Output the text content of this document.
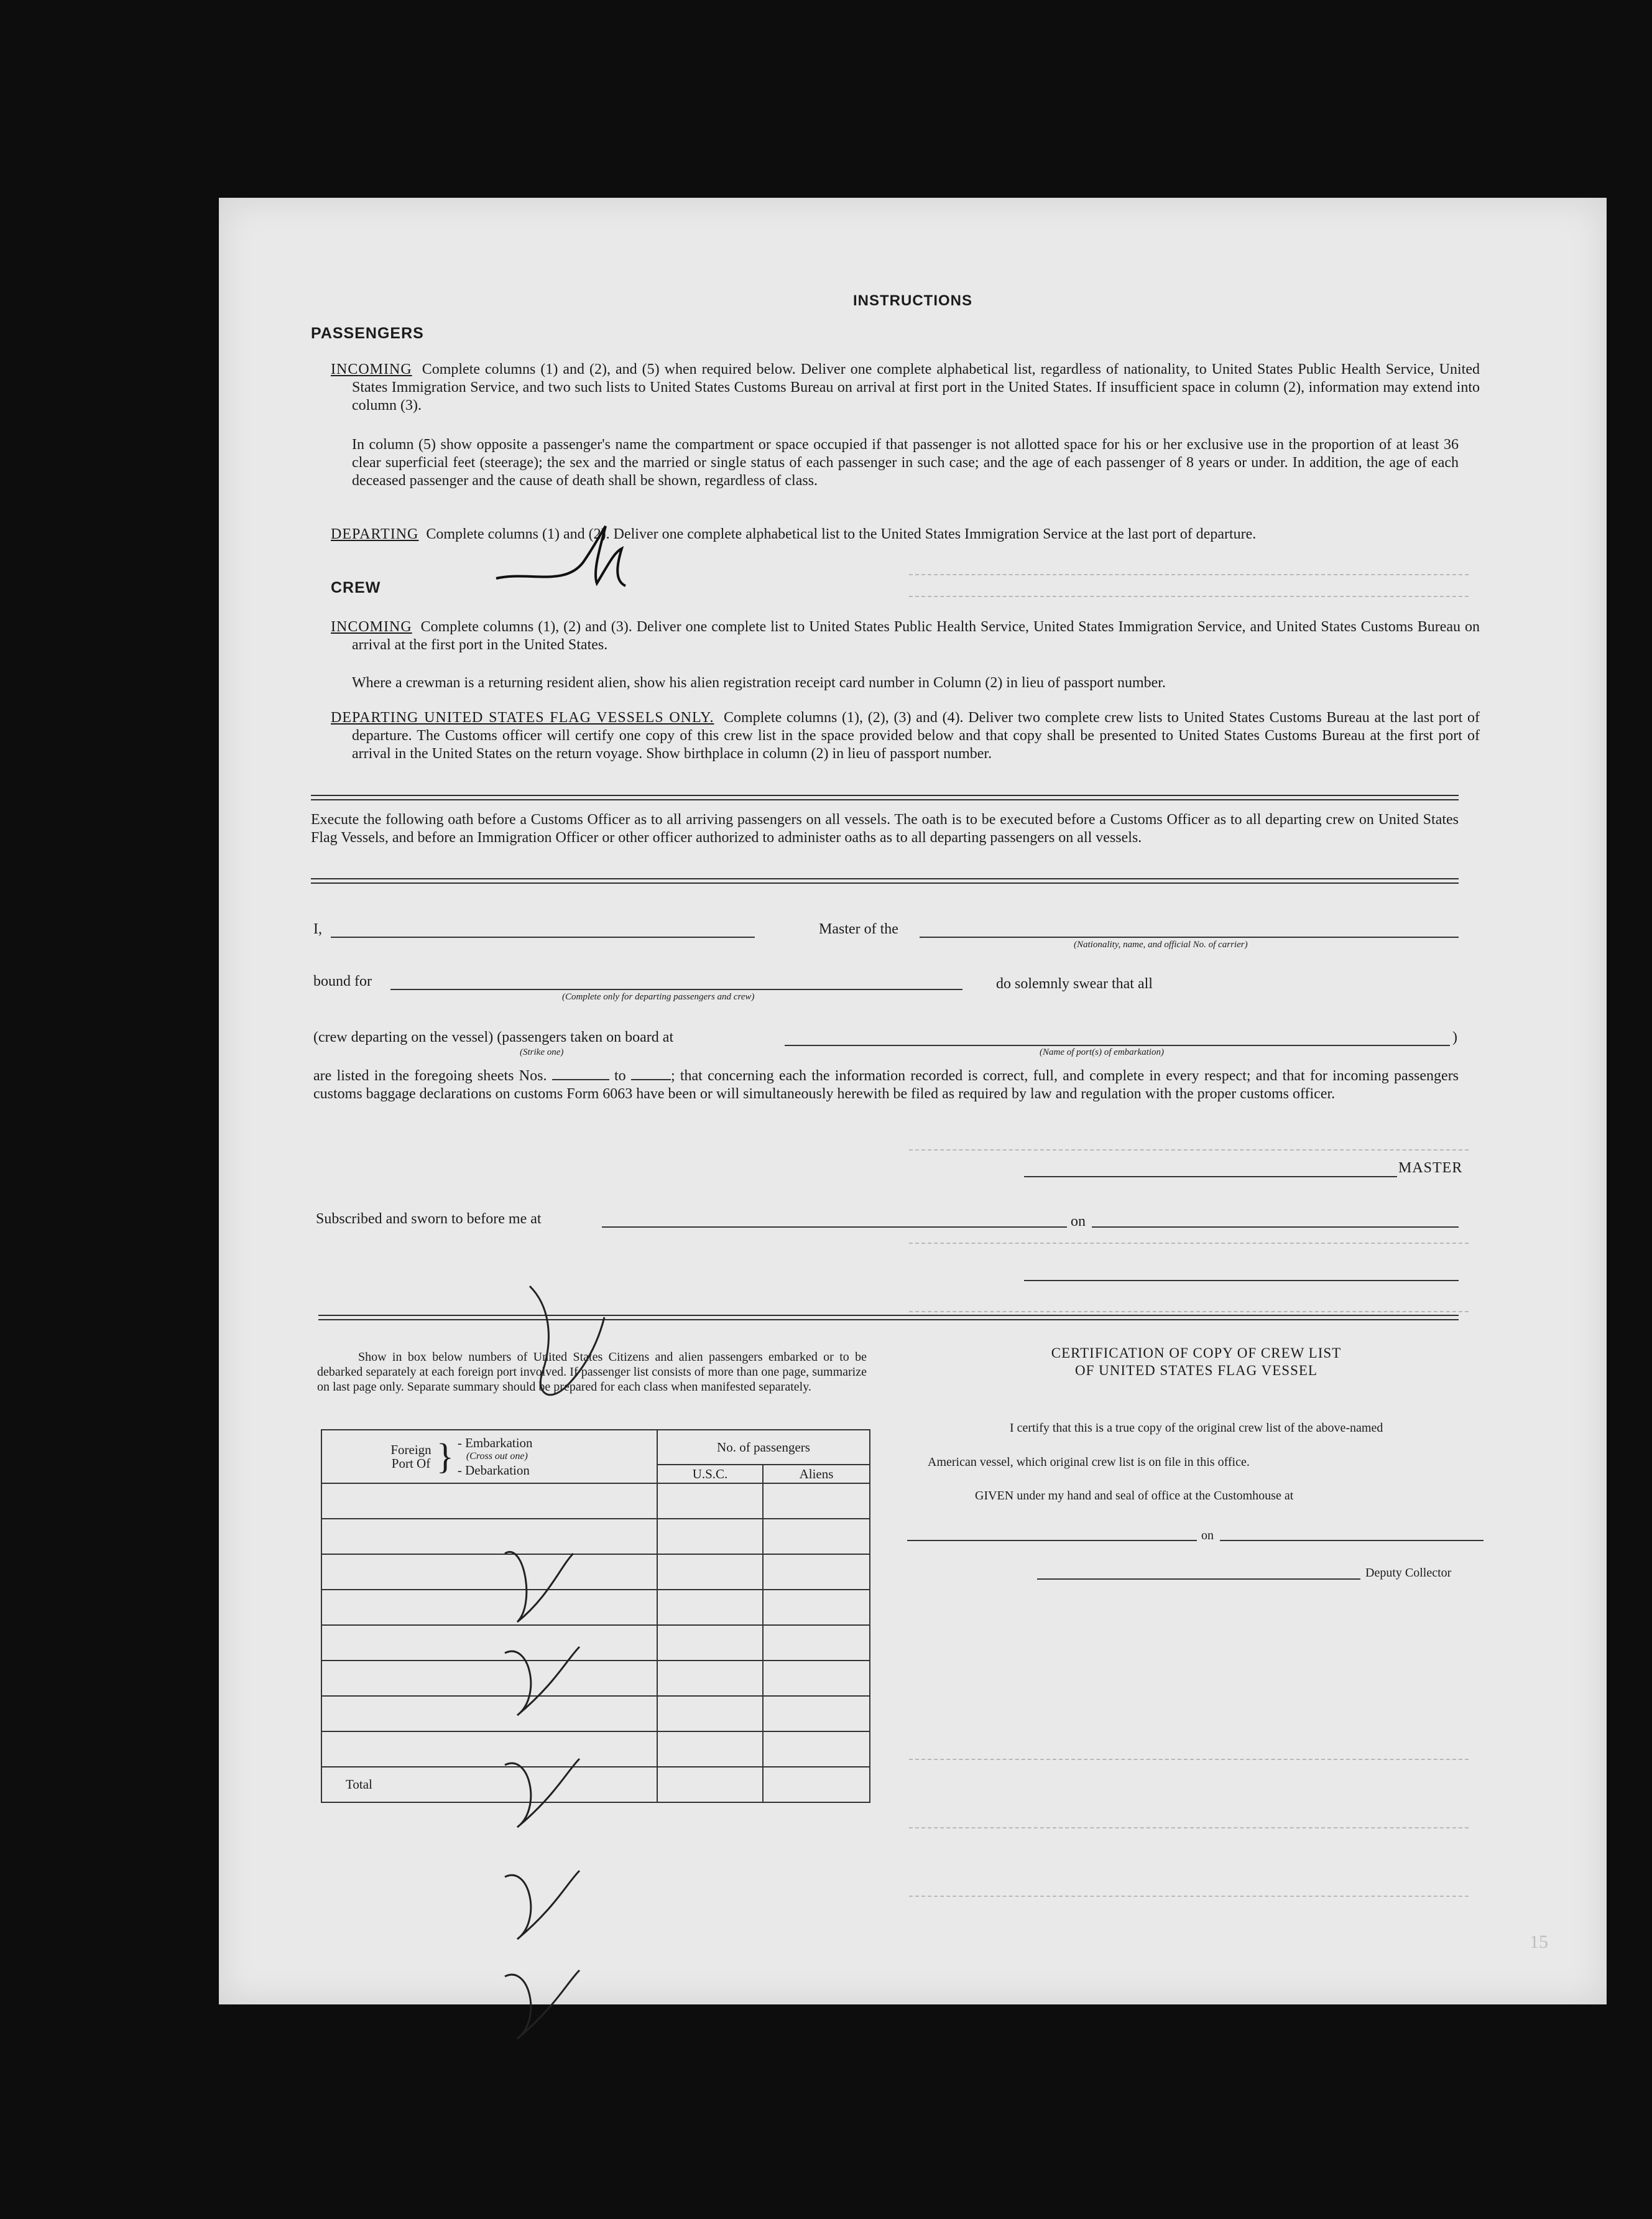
INSTRUCTIONS
PASSENGERS
INCOMING Complete columns (1) and (2), and (5) when required below. Deliver one complete alphabetical list, regardless of nationality, to United States Public Health Service, United States Immigration Service, and two such lists to United States Customs Bureau on arrival at first port in the United States. If insufficient space in column (2), information may extend into column (3).
In column (5) show opposite a passenger's name the compartment or space occupied if that passenger is not allotted space for his or her exclusive use in the proportion of at least 36 clear superficial feet (steerage); the sex and the married or single status of each passenger in such case; and the age of each passenger of 8 years or under. In addition, the age of each deceased passenger and the cause of death shall be shown, regardless of class.
DEPARTING Complete columns (1) and (2). Deliver one complete alphabetical list to the United States Immigration Service at the last port of departure.
CREW
INCOMING Complete columns (1), (2) and (3). Deliver one complete list to United States Public Health Service, United States Immigration Service, and United States Customs Bureau on arrival at the first port in the United States.
Where a crewman is a returning resident alien, show his alien registration receipt card number in Column (2) in lieu of passport number.
DEPARTING UNITED STATES FLAG VESSELS ONLY. Complete columns (1), (2), (3) and (4). Deliver two complete crew lists to United States Customs Bureau at the last port of departure. The Customs officer will certify one copy of this crew list in the space provided below and that copy shall be presented to United States Customs Bureau at the first port of arrival in the United States on the return voyage. Show birthplace in column (2) in lieu of passport number.
Execute the following oath before a Customs Officer as to all arriving passengers on all vessels. The oath is to be executed before a Customs Officer as to all departing crew on United States Flag Vessels, and before an Immigration Officer or other officer authorized to administer oaths as to all departing passengers on all vessels.
I,	Master of the
(Nationality, name, and official No. of carrier)
bound for
(Complete only for departing passengers and crew)
do solemnly swear that all
(crew departing on the vessel) (passengers taken on board at
(Strike one)
)
(Name of port(s) of embarkation)
are listed in the foregoing sheets Nos.	to	; that concerning each the information recorded is correct, full, and complete in every respect; and that for incoming passengers customs baggage declarations on customs Form 6063 have been or will simultaneously herewith be filed as required by law and regulation with the proper customs officer.
MASTER
Subscribed and sworn to before me at	on
Show in box below numbers of United States Citizens and alien passengers embarked or to be debarked separately at each foreign port involved. If passenger list consists of more than one page, summarize on last page only. Separate summary should be prepared for each class when manifested separately.
Foreign Port Of } - Embarkation
(Cross out one)
- Debarkation	No. of passengers	
	U.S.C.	Aliens

Total		
CERTIFICATION OF COPY OF CREW LIST
OF UNITED STATES FLAG VESSEL
I certify that this is a true copy of the original crew list of the above-named
American vessel, which original crew list is on file in this office.
GIVEN under my hand and seal of office at the Customhouse at
on
Deputy Collector
15
